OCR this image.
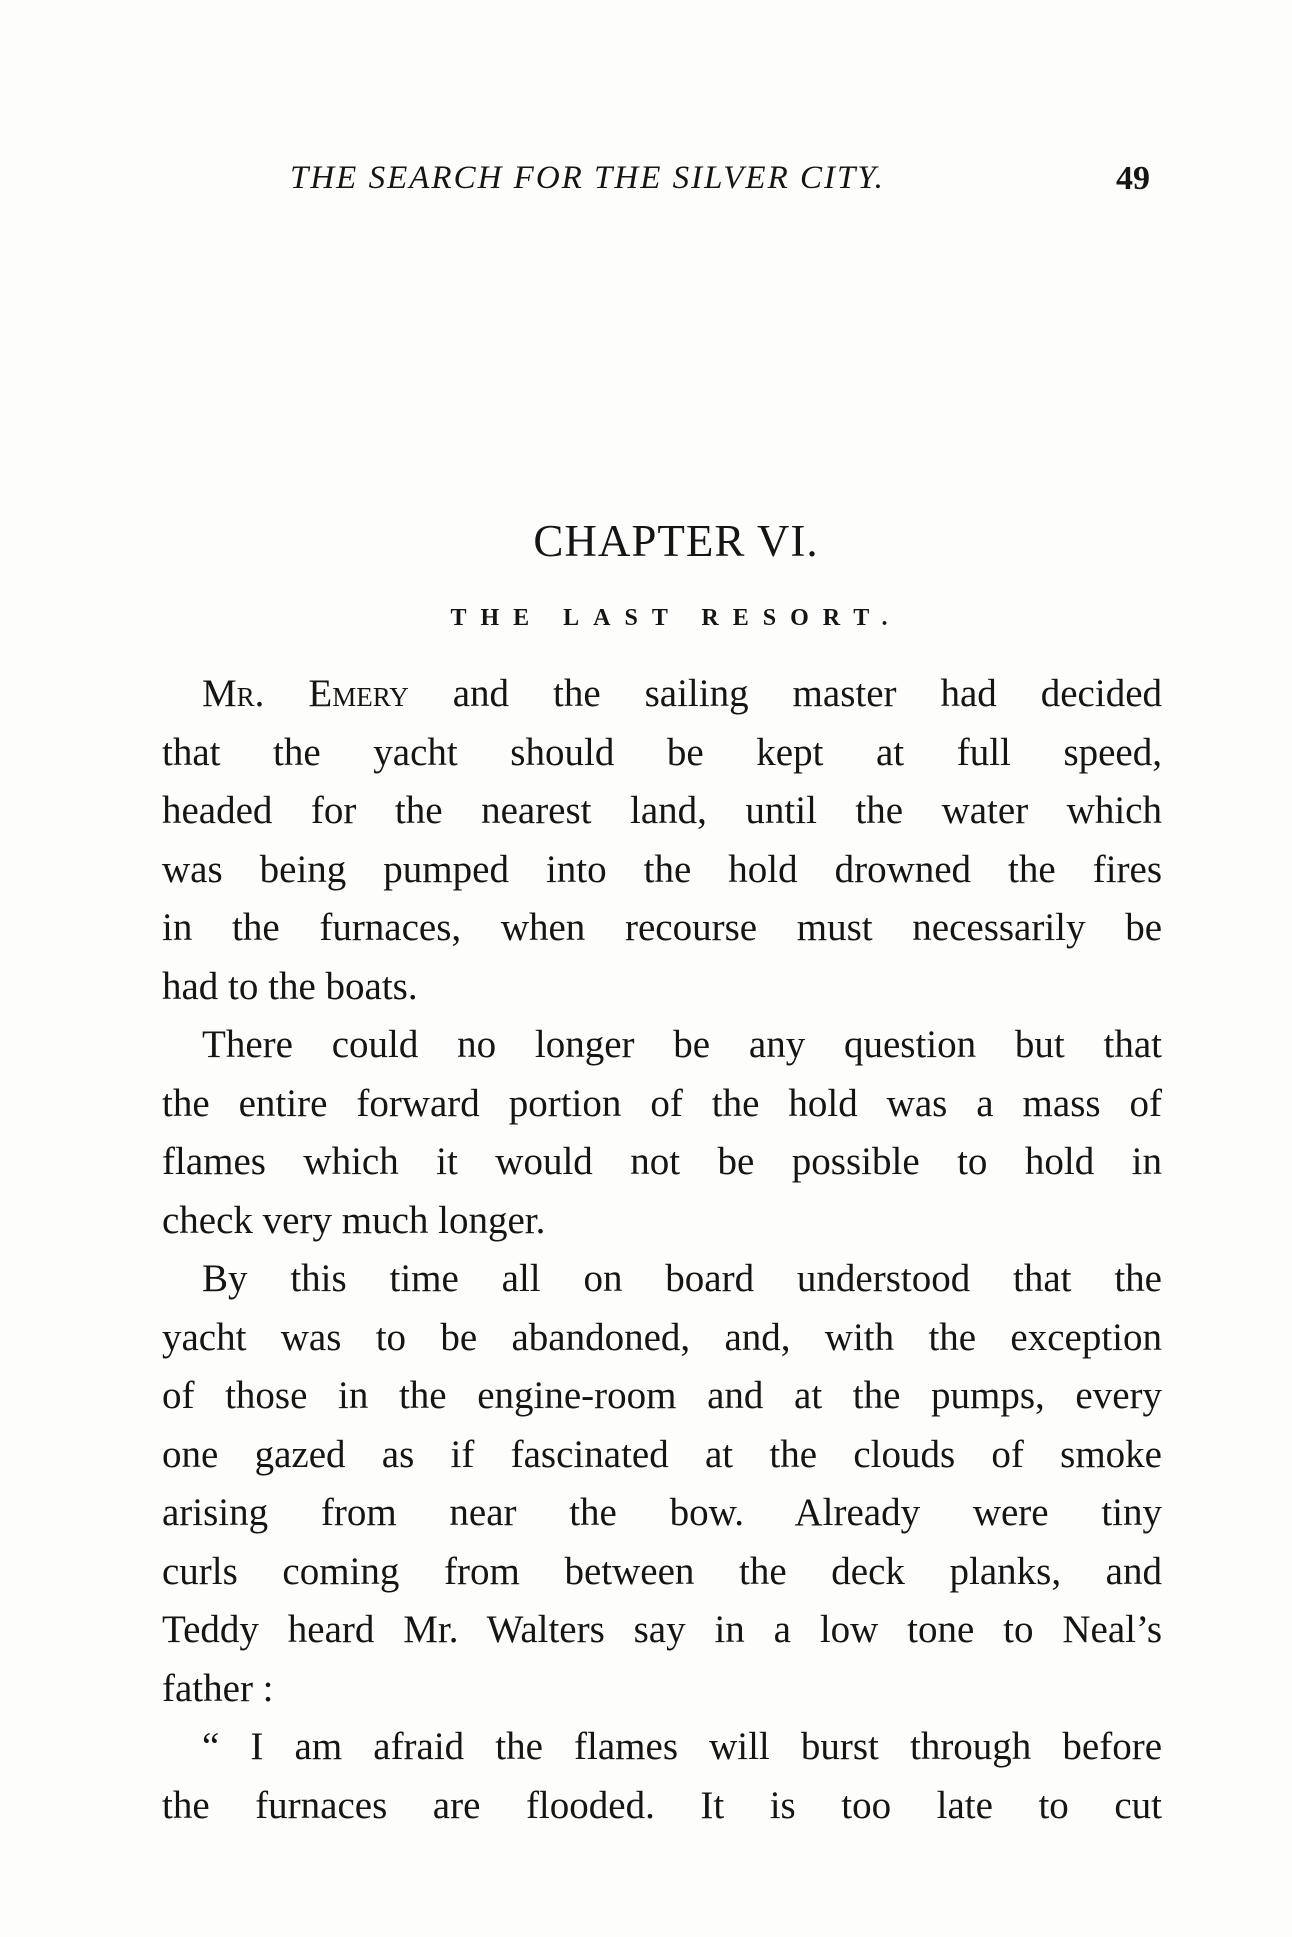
THE SEARCH FOR THE SILVER CITY.	49
CHAPTER VI.
THE LAST RESORT.
Mr. Emery and the sailing master had decided
that the yacht should be kept at full speed,
headed for the nearest land, until the water which
was being pumped into the hold drowned the fires
in the furnaces, when recourse must necessarily be
had to the boats.
There could no longer be any question but that
the entire forward portion of the hold was a mass of
flames which it would not be possible to hold in
check very much longer.
By this time all on board understood that the
yacht was to be abandoned, and, with the exception
of those in the engine-room and at the pumps, every
one gazed as if fascinated at the clouds of smoke
arising from near the bow. Already were tiny
curls coming from between the deck planks, and
Teddy heard Mr. Walters say in a low tone to Neal’s
father :
“ I am afraid the flames will burst through before
the furnaces are flooded. It is too late to cut
